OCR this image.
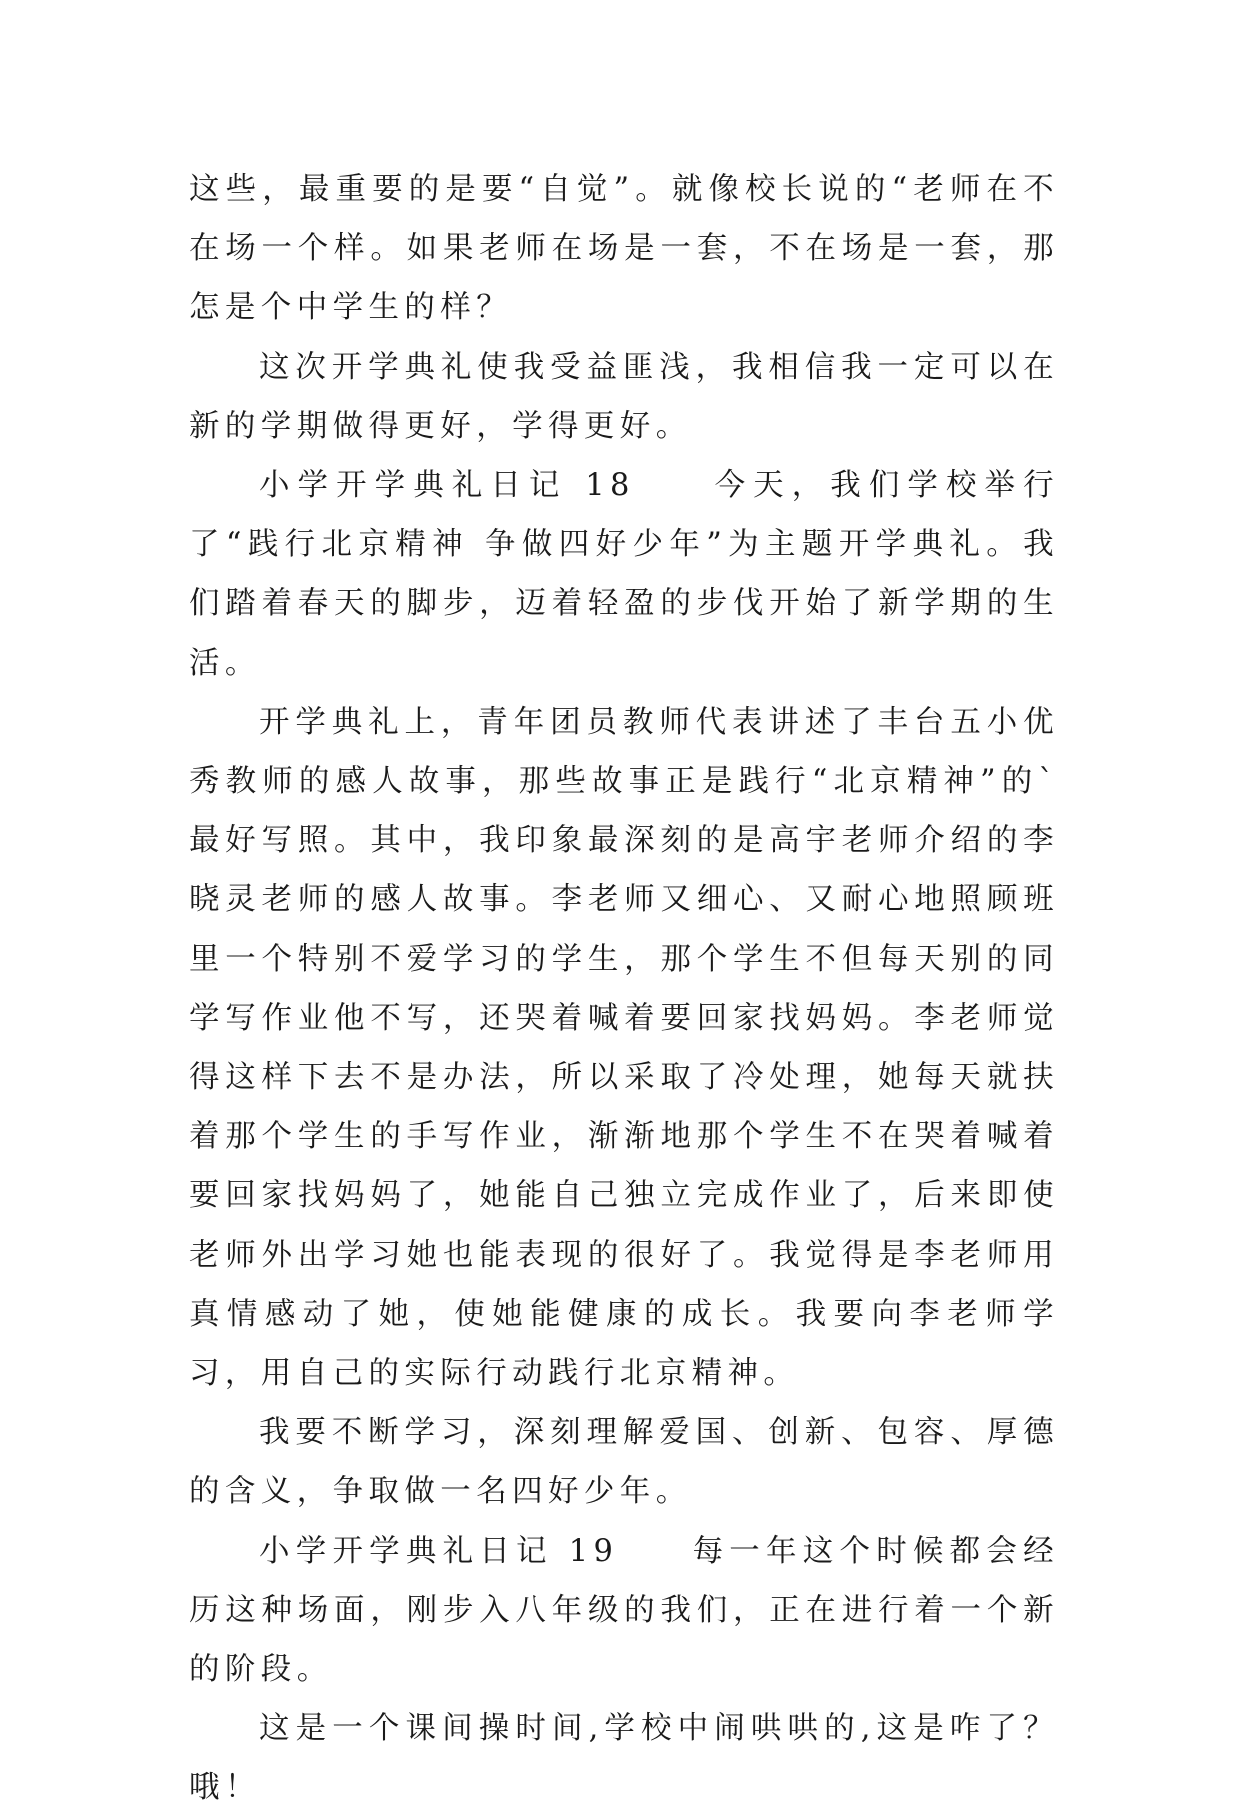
这些，最重要的是要“自觉”。就像校长说的“老师在不在场一个样。如果老师在场是一套，不在场是一套，那怎是个中学生的样？

这次开学典礼使我受益匪浅，我相信我一定可以在新的学期做得更好，学得更好。

小学开学典礼日记 18　　今天，我们学校举行了“践行北京精神 争做四好少年”为主题开学典礼。我们踏着春天的脚步，迈着轻盈的步伐开始了新学期的生活。

开学典礼上，青年团员教师代表讲述了丰台五小优秀教师的感人故事，那些故事正是践行“北京精神”的`最好写照。其中，我印象最深刻的是高宇老师介绍的李晓灵老师的感人故事。李老师又细心、又耐心地照顾班里一个特别不爱学习的学生，那个学生不但每天别的同学写作业他不写，还哭着喊着要回家找妈妈。李老师觉得这样下去不是办法，所以采取了冷处理，她每天就扶着那个学生的手写作业，渐渐地那个学生不在哭着喊着要回家找妈妈了，她能自己独立完成作业了，后来即使老师外出学习她也能表现的很好了。我觉得是李老师用真情感动了她，使她能健康的成长。我要向李老师学习，用自己的实际行动践行北京精神。

我要不断学习，深刻理解爱国、创新、包容、厚德的含义，争取做一名四好少年。

小学开学典礼日记 19　　每一年这个时候都会经历这种场面，刚步入八年级的我们，正在进行着一个新的阶段。

这是一个课间操时间,学校中闹哄哄的,这是咋了？哦！
